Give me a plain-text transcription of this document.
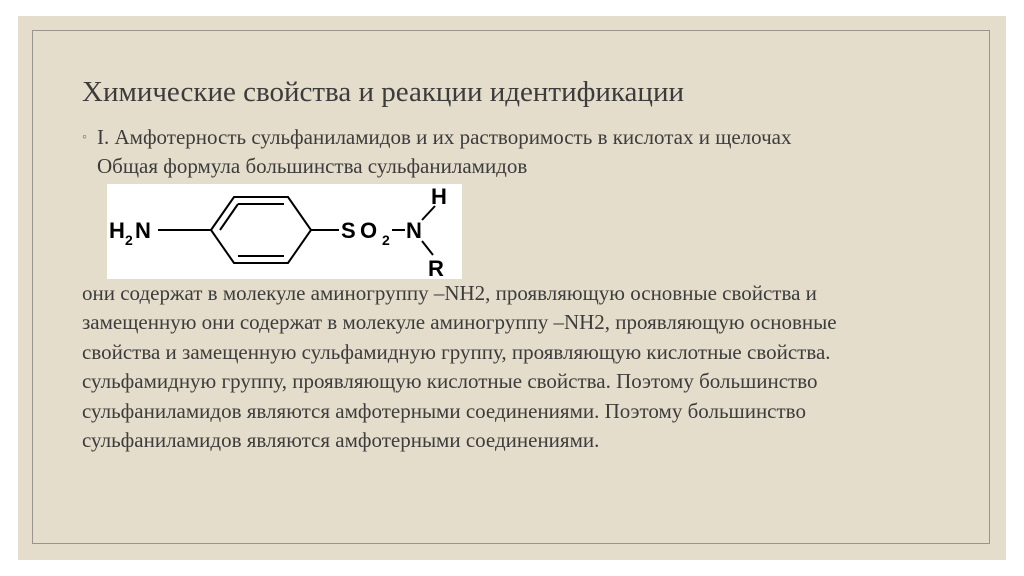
Химические свойства и реакции идентификации
◦ I. Амфотерность сульфаниламидов и их растворимость в кислотах и щелочах Общая формула большинства сульфаниламидов
H 2 N	S O 2 N
H
R

они содержат в молекуле аминогруппу –NH2, проявляющую основные свойства и замещенную они содержат в молекуле аминогруппу –NH2, проявляющую основные свойства и замещенную сульфамидную группу, проявляющую кислотные свойства. сульфамидную группу, проявляющую кислотные свойства. Поэтому большинство сульфаниламидов являются амфотерными соединениями. Поэтому большинство сульфаниламидов являются амфотерными соединениями.
